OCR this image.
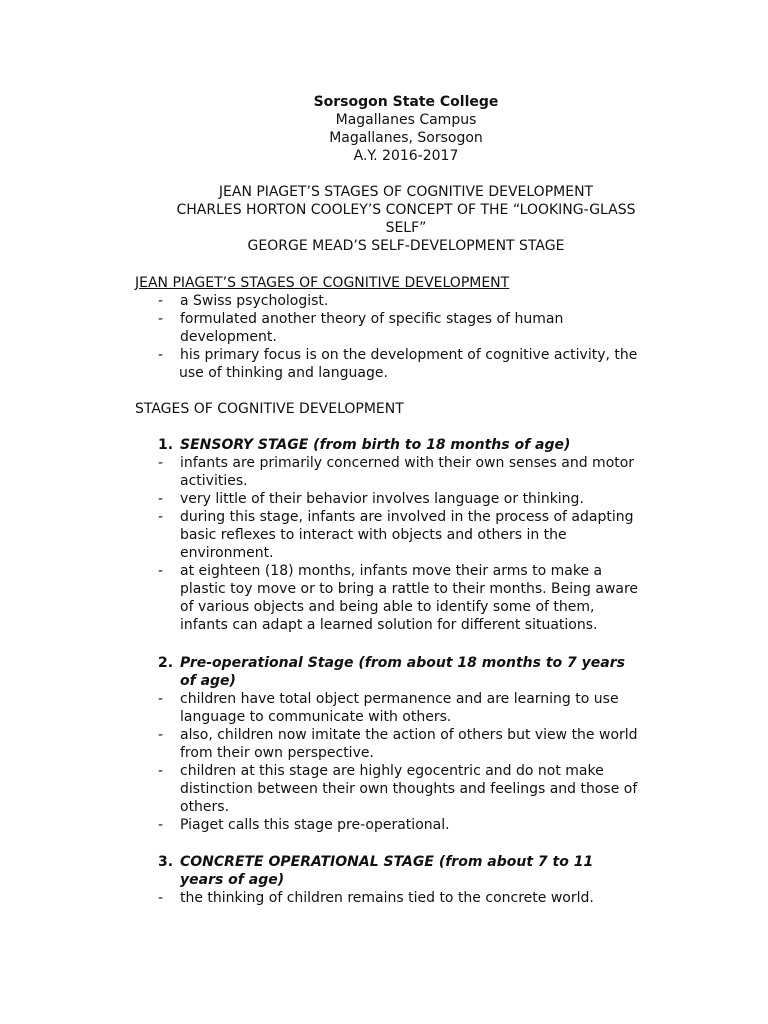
Sorsogon State College
Magallanes Campus
Magallanes, Sorsogon
A.Y. 2016-2017
JEAN PIAGET’S STAGES OF COGNITIVE DEVELOPMENT
CHARLES HORTON COOLEY’S CONCEPT OF THE “LOOKING-GLASS
SELF”
GEORGE MEAD’S SELF-DEVELOPMENT STAGE
JEAN PIAGET’S STAGES OF COGNITIVE DEVELOPMENT
- a Swiss psychologist.
- formulated another theory of specific stages of human
development.
- his primary focus is on the development of cognitive activity, the
use of thinking and language.
STAGES OF COGNITIVE DEVELOPMENT
1. SENSORY STAGE (from birth to 18 months of age)
- infants are primarily concerned with their own senses and motor
activities.
- very little of their behavior involves language or thinking.
- during this stage, infants are involved in the process of adapting
basic reflexes to interact with objects and others in the
environment.
- at eighteen (18) months, infants move their arms to make a
plastic toy move or to bring a rattle to their months. Being aware
of various objects and being able to identify some of them,
infants can adapt a learned solution for different situations.
2. Pre-operational Stage (from about 18 months to 7 years
of age)
- children have total object permanence and are learning to use
language to communicate with others.
- also, children now imitate the action of others but view the world
from their own perspective.
- children at this stage are highly egocentric and do not make
distinction between their own thoughts and feelings and those of
others.
- Piaget calls this stage pre-operational.
3. CONCRETE OPERATIONAL STAGE (from about 7 to 11
years of age)
- the thinking of children remains tied to the concrete world.
